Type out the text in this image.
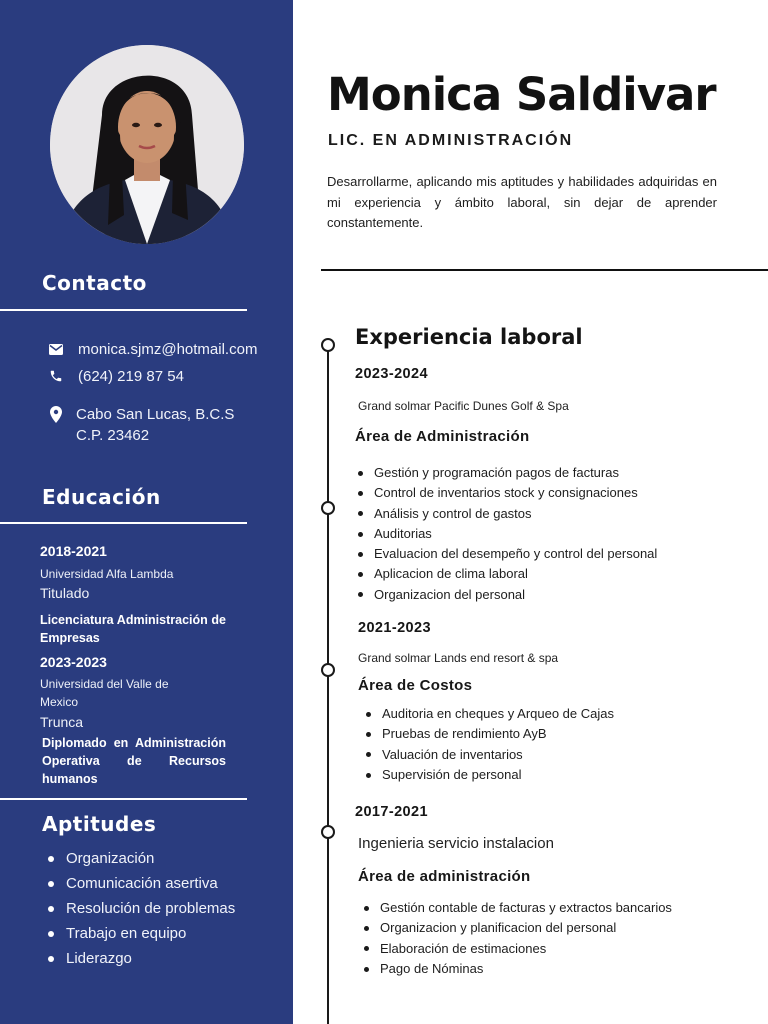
Contacto
monica.sjmz@hotmail.com
(624) 219 87 54
Cabo San Lucas, B.C.S
C.P. 23462
Educación
2018-2021
Universidad Alfa Lambda
Titulado
Licenciatura Administración de Empresas
2023-2023
Universidad del Valle de Mexico
Trunca
Diplomado en Administración Operativa de Recursos humanos
Aptitudes
Organización
Comunicación asertiva
Resolución de problemas
Trabajo en equipo
Liderazgo
Monica Saldivar
LIC. EN ADMINISTRACIÓN
Desarrollarme, aplicando mis aptitudes y habilidades adquiridas en mi experiencia y ámbito laboral, sin dejar de aprender constantemente.
Experiencia laboral
2023-2024
Grand solmar Pacific Dunes Golf & Spa
Área de Administración
Gestión y programación pagos de facturas
Control de inventarios stock y consignaciones
Análisis y control de gastos
Auditorias
Evaluacion del desempeño y control del personal
Aplicacion de clima laboral
Organizacion del personal
2021-2023
Grand solmar Lands end resort & spa
Área de Costos
Auditoria en cheques y Arqueo de Cajas
Pruebas de rendimiento AyB
Valuación de inventarios
Supervisión de personal
2017-2021
Ingenieria servicio instalacion
Área de administración
Gestión contable de facturas y extractos bancarios
Organizacion y planificacion del personal
Elaboración de estimaciones
Pago de Nóminas
